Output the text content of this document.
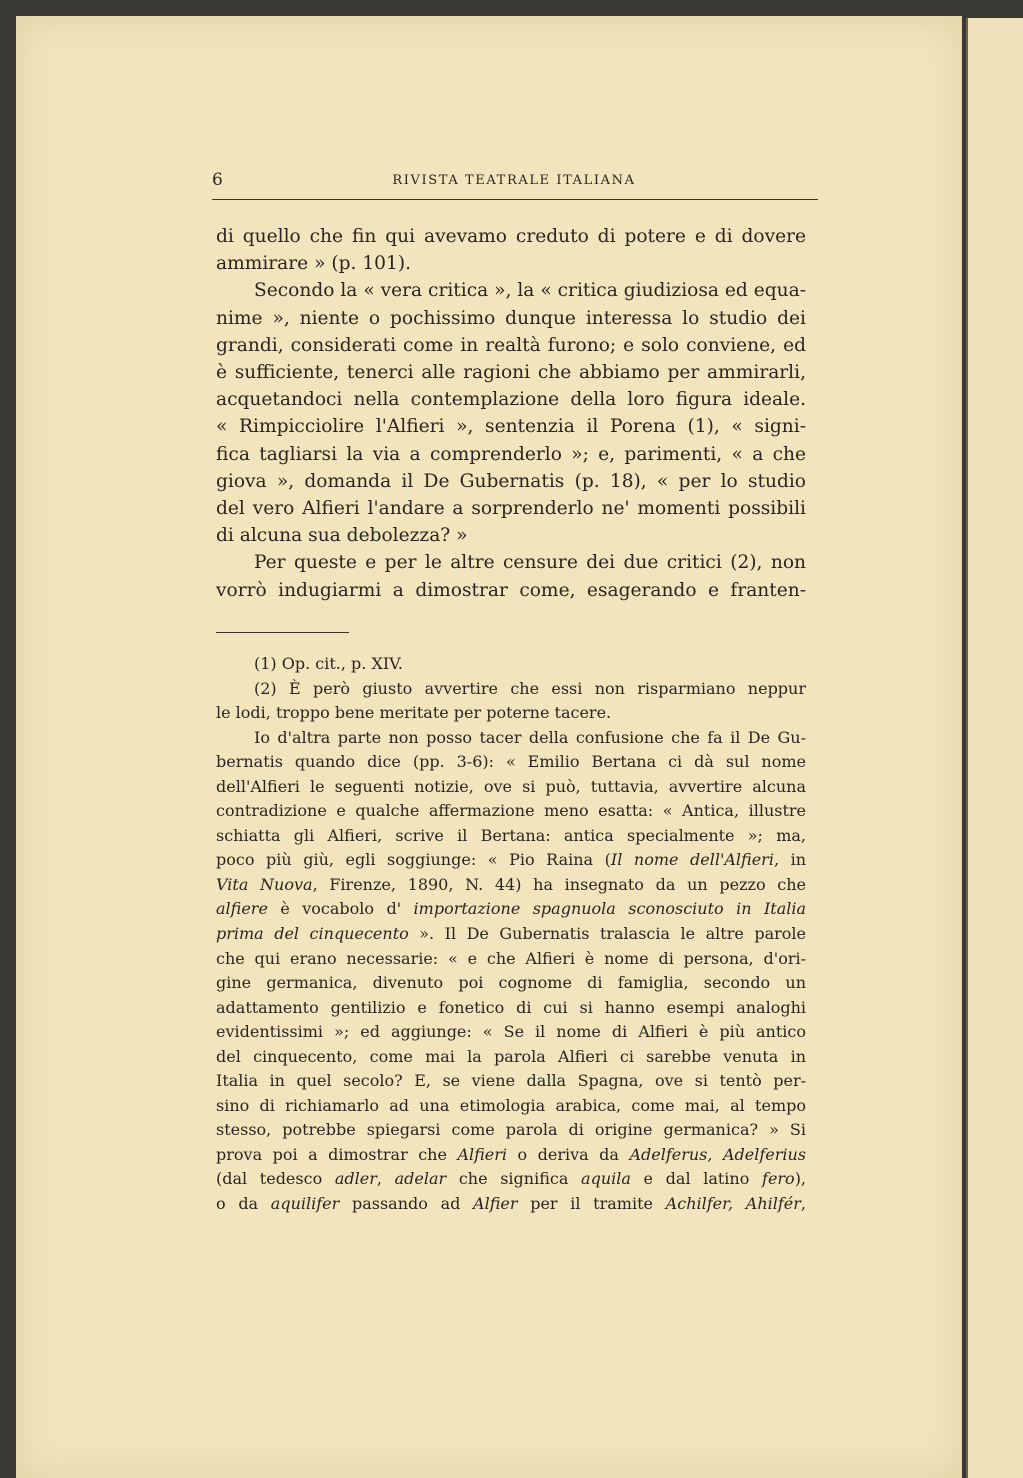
6	RIVISTA TEATRALE ITALIANA
di quello che fin qui avevamo creduto di potere e di dovere
ammirare » (p. 101).
Secondo la « vera critica », la « critica giudiziosa ed equa-
nime », niente o pochissimo dunque interessa lo studio dei
grandi, considerati come in realtà furono; e solo conviene, ed
è sufficiente, tenerci alle ragioni che abbiamo per ammirarli,
acquetandoci nella contemplazione della loro figura ideale.
« Rimpicciolire l'Alfieri », sentenzia il Porena (1), « signi-
fica tagliarsi la via a comprenderlo »; e, parimenti, « a che
giova », domanda il De Gubernatis (p. 18), « per lo studio
del vero Alfieri l'andare a sorprenderlo ne' momenti possibili
di alcuna sua debolezza? »
Per queste e per le altre censure dei due critici (2), non
vorrò indugiarmi a dimostrar come, esagerando e franten-
(1) Op. cit., p. XIV.
(2) È però giusto avvertire che essi non risparmiano neppur
le lodi, troppo bene meritate per poterne tacere.
Io d'altra parte non posso tacer della confusione che fa il De Gu-
bernatis quando dice (pp. 3-6): « Emilio Bertana ci dà sul nome
dell'Alfieri le seguenti notizie, ove si può, tuttavia, avvertire alcuna
contradizione e qualche affermazione meno esatta: « Antica, illustre
schiatta gli Alfieri, scrive il Bertana: antica specialmente »; ma,
poco più giù, egli soggiunge: « Pio Raina (Il nome dell'Alfieri, in
Vita Nuova, Firenze, 1890, N. 44) ha insegnato da un pezzo che
alfiere è vocabolo d' importazione spagnuola sconosciuto in Italia
prima del cinquecento ». Il De Gubernatis tralascia le altre parole
che qui erano necessarie: « e che Alfieri è nome di persona, d'ori-
gine germanica, divenuto poi cognome di famiglia, secondo un
adattamento gentilizio e fonetico di cui si hanno esempi analoghi
evidentissimi »; ed aggiunge: « Se il nome di Alfieri è più antico
del cinquecento, come mai la parola Alfieri ci sarebbe venuta in
Italia in quel secolo? E, se viene dalla Spagna, ove si tentò per-
sino di richiamarlo ad una etimologia arabica, come mai, al tempo
stesso, potrebbe spiegarsi come parola di origine germanica? » Si
prova poi a dimostrar che Alfieri o deriva da Adelferus, Adelferius
(dal tedesco adler, adelar che significa aquila e dal latino fero),
o da aquilifer passando ad Alfier per il tramite Achilfer, Ahilfér,
